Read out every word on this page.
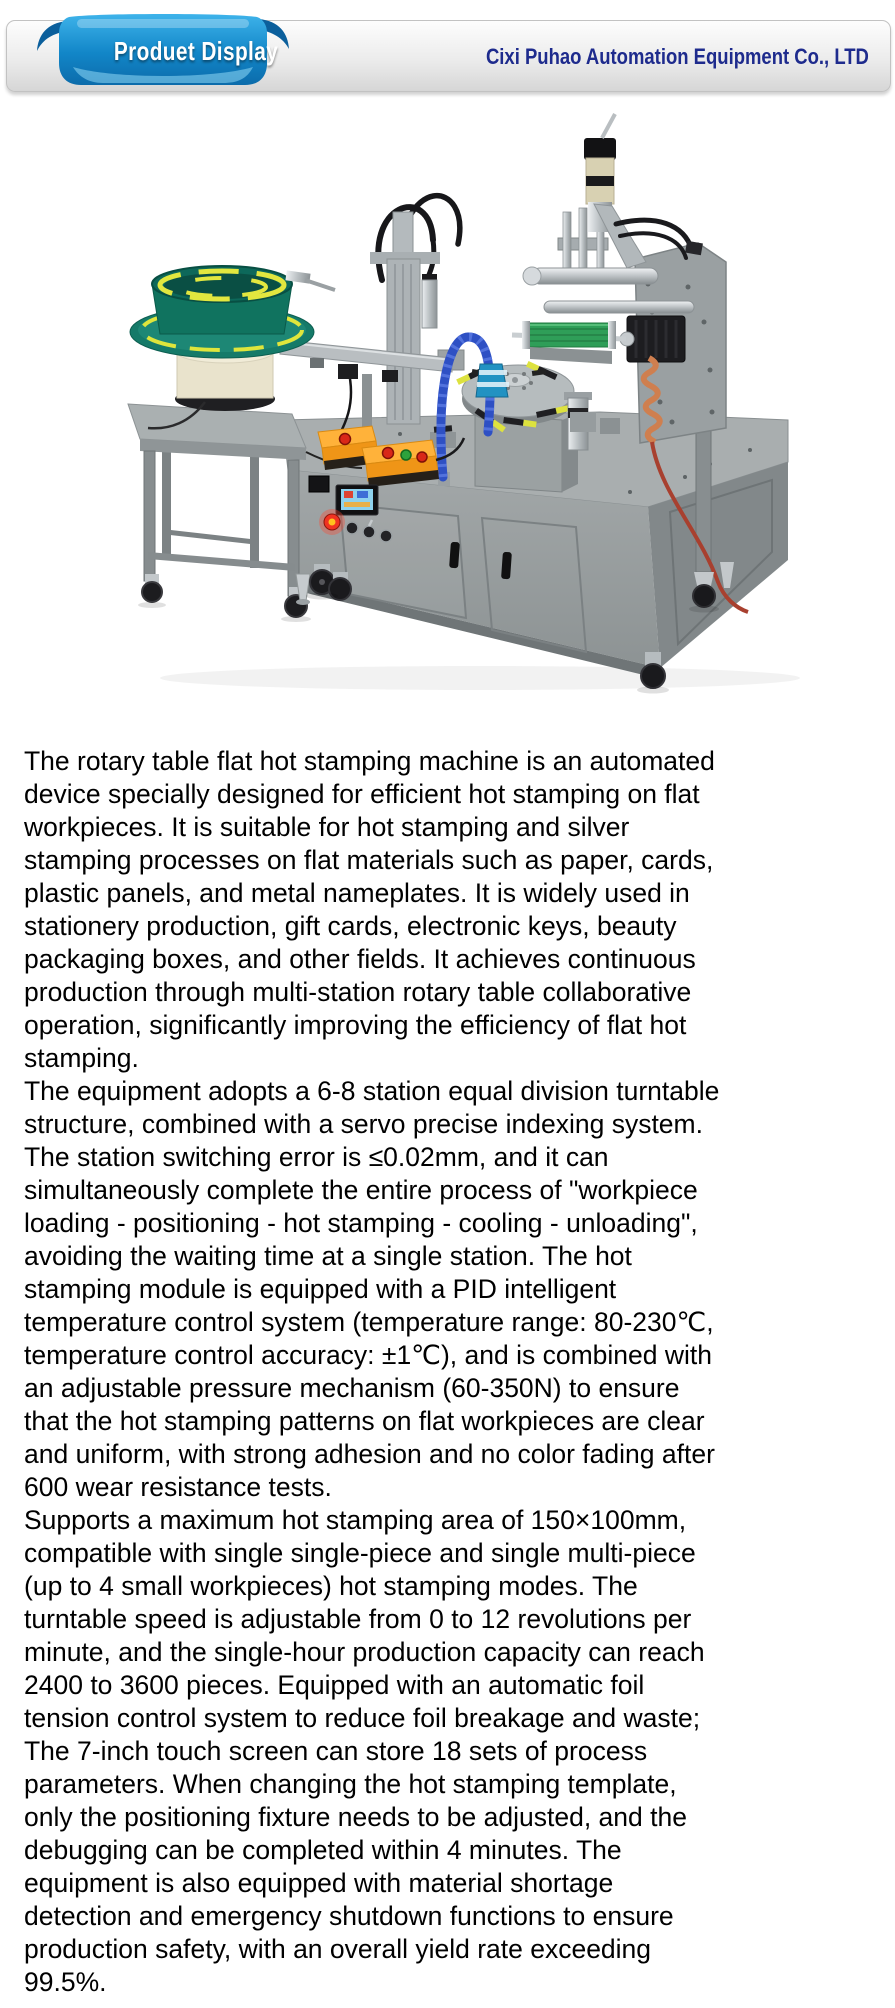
Produet Display	Cixi Puhao Automation Equipment Co., LTD
The rotary table flat hot stamping machine is an automated
device specially designed for efficient hot stamping on flat
workpieces. It is suitable for hot stamping and silver
stamping processes on flat materials such as paper, cards,
plastic panels, and metal nameplates. It is widely used in
stationery production, gift cards, electronic keys, beauty
packaging boxes, and other fields. It achieves continuous
production through multi-station rotary table collaborative
operation, significantly improving the efficiency of flat hot
stamping.
The equipment adopts a 6-8 station equal division turntable
structure, combined with a servo precise indexing system.
The station switching error is ≤0.02mm, and it can
simultaneously complete the entire process of "workpiece
loading - positioning - hot stamping - cooling - unloading",
avoiding the waiting time at a single station. The hot
stamping module is equipped with a PID intelligent
temperature control system (temperature range: 80-230℃,
temperature control accuracy: ±1℃), and is combined with
an adjustable pressure mechanism (60-350N) to ensure
that the hot stamping patterns on flat workpieces are clear
and uniform, with strong adhesion and no color fading after
600 wear resistance tests.
Supports a maximum hot stamping area of 150×100mm,
compatible with single single-piece and single multi-piece
(up to 4 small workpieces) hot stamping modes. The
turntable speed is adjustable from 0 to 12 revolutions per
minute, and the single-hour production capacity can reach
2400 to 3600 pieces. Equipped with an automatic foil
tension control system to reduce foil breakage and waste;
The 7-inch touch screen can store 18 sets of process
parameters. When changing the hot stamping template,
only the positioning fixture needs to be adjusted, and the
debugging can be completed within 4 minutes. The
equipment is also equipped with material shortage
detection and emergency shutdown functions to ensure
production safety, with an overall yield rate exceeding
99.5%.
